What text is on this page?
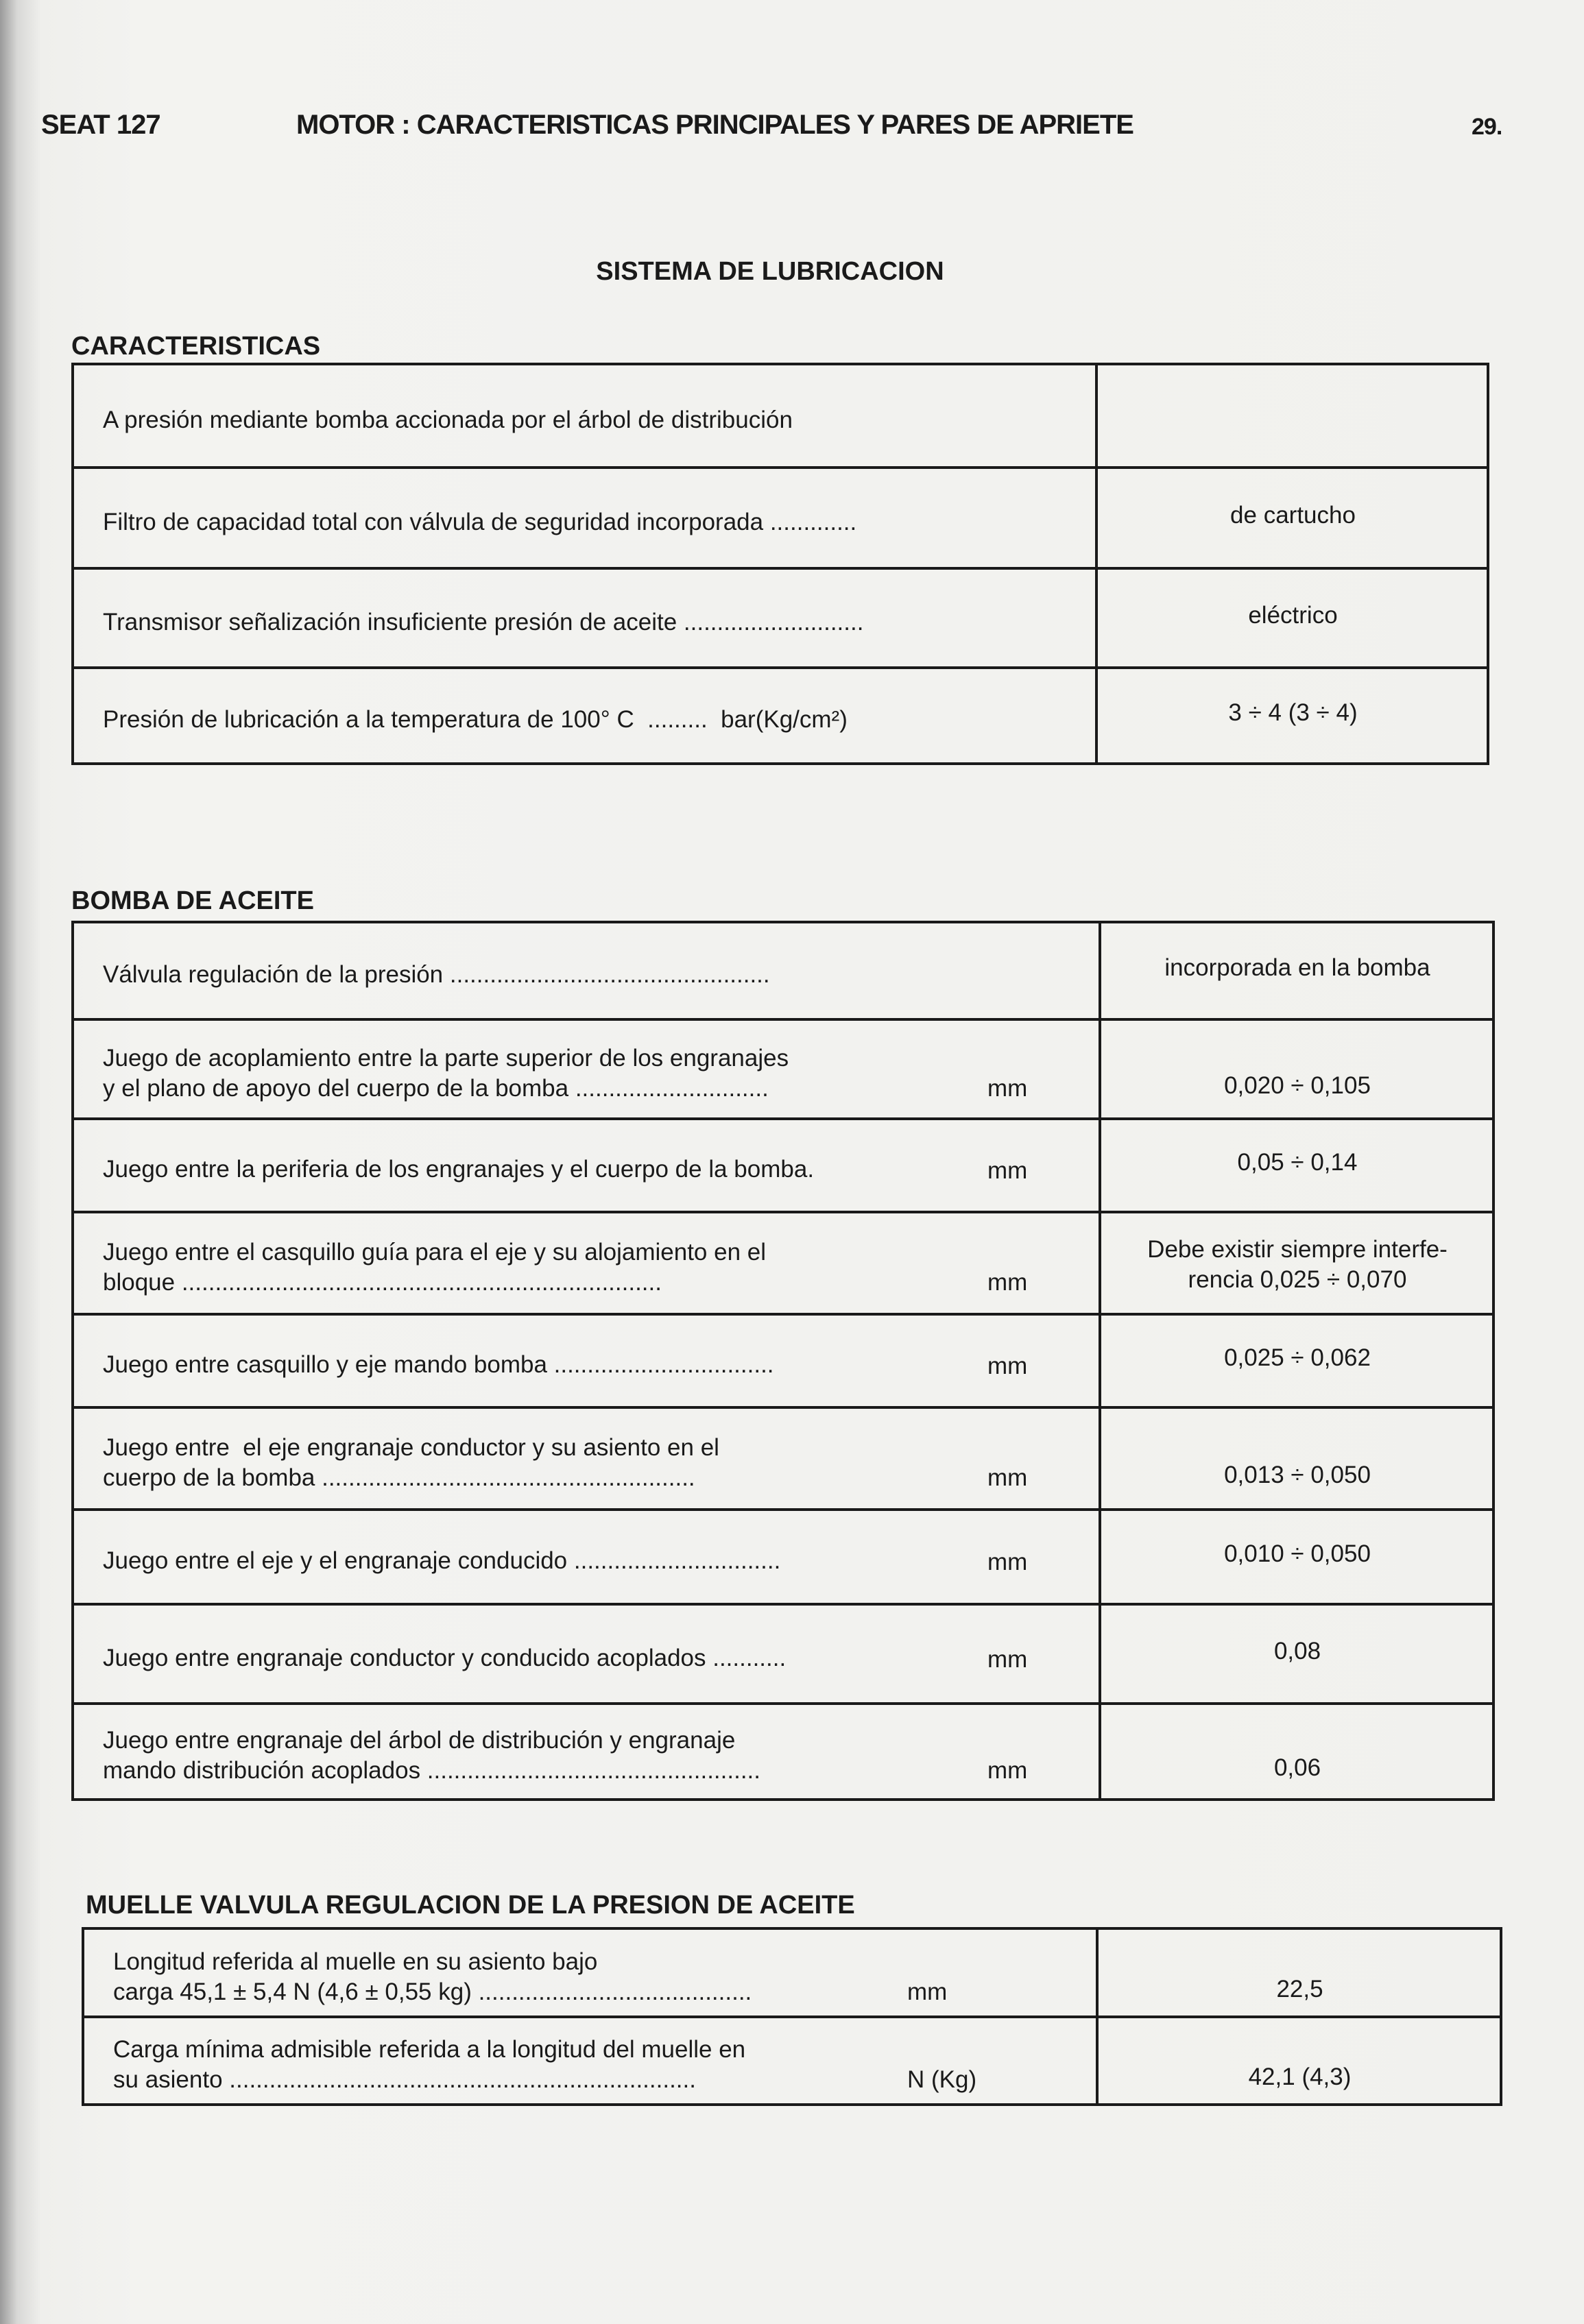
SEAT 127	MOTOR : CARACTERISTICAS PRINCIPALES Y PARES DE APRIETE	29.
SISTEMA DE LUBRICACION
CARACTERISTICAS
A presión mediante bomba accionada por el árbol de distribución
Filtro de capacidad total con válvula de seguridad incorporada .............	de cartucho
Transmisor señalización insuficiente presión de aceite ...........................	eléctrico
Presión de lubricación a la temperatura de 100° C  .........  bar(Kg/cm²)	3 ÷ 4 (3 ÷ 4)
BOMBA DE ACEITE
Válvula regulación de la presión ................................................	incorporada en la bomba
Juego de acoplamiento entre la parte superior de los engranajes
y el plano de apoyo del cuerpo de la bomba .............................	mm	0,020 ÷ 0,105
Juego entre la periferia de los engranajes y el cuerpo de la bomba.	mm	0,05 ÷ 0,14
Juego entre el casquillo guía para el eje y su alojamiento en el
bloque ........................................................................	mm
Debe existir siempre interfe-
rencia 0,025 ÷ 0,070
Juego entre casquillo y eje mando bomba .................................	mm	0,025 ÷ 0,062
Juego entre  el eje engranaje conductor y su asiento en el
cuerpo de la bomba ........................................................	mm	0,013 ÷ 0,050
Juego entre el eje y el engranaje conducido ...............................	mm	0,010 ÷ 0,050
Juego entre engranaje conductor y conducido acoplados ...........	mm	0,08
Juego entre engranaje del árbol de distribución y engranaje
mando distribución acoplados ..................................................	mm	0,06
MUELLE VALVULA REGULACION DE LA PRESION DE ACEITE
Longitud referida al muelle en su asiento bajo
carga 45,1 ± 5,4 N (4,6 ± 0,55 kg) .........................................	mm	22,5
Carga mínima admisible referida a la longitud del muelle en
su asiento ......................................................................	N (Kg)	42,1 (4,3)
